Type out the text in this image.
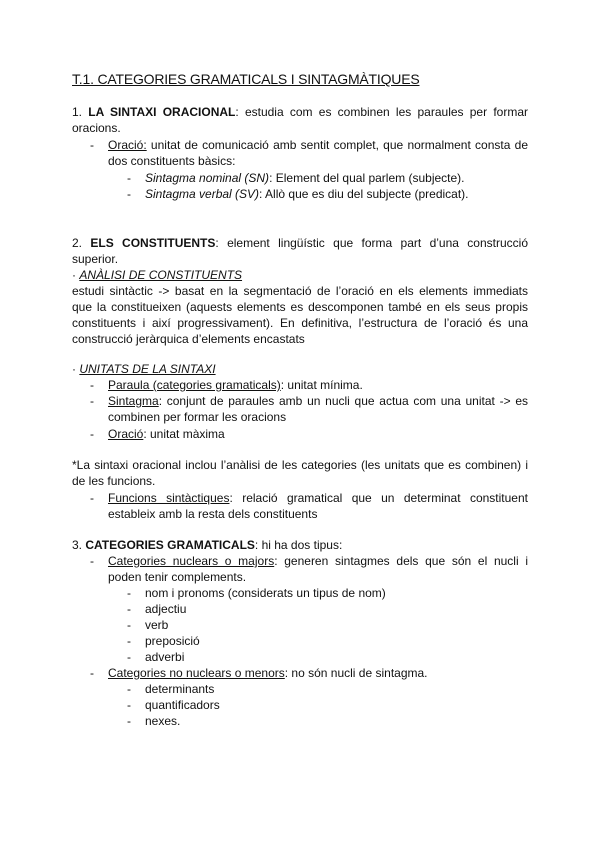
T.1. CATEGORIES GRAMATICALS I SINTAGMÀTIQUES
1. LA SINTAXI ORACIONAL: estudia com es combinen les paraules per formar
oracions.
- Oració: unitat de comunicació amb sentit complet, que normalment consta de
dos constituents bàsics:
- Sintagma nominal (SN): Element del qual parlem (subjecte).
- Sintagma verbal (SV): Allò que es diu del subjecte (predicat).
2. ELS CONSTITUENTS: element lingüístic que forma part d’una construcció
superior.
· ANÀLISI DE CONSTITUENTS
estudi sintàctic -> basat en la segmentació de l’oració en els elements immediats
que la constitueixen (aquests elements es descomponen també en els seus propis
constituents i així progressivament). En definitiva, l’estructura de l’oració és una
construcció jeràrquica d’elements encastats
· UNITATS DE LA SINTAXI
- Paraula (categories gramaticals): unitat mínima.
- Sintagma: conjunt de paraules amb un nucli que actua com una unitat -> es
combinen per formar les oracions
- Oració: unitat màxima
*La sintaxi oracional inclou l’anàlisi de les categories (les unitats que es combinen) i
de les funcions.
- Funcions sintàctiques: relació gramatical que un determinat constituent
estableix amb la resta dels constituents
3. CATEGORIES GRAMATICALS: hi ha dos tipus:
- Categories nuclears o majors: generen sintagmes dels que són el nucli i
poden tenir complements.
- nom i pronoms (considerats un tipus de nom)
- adjectiu
- verb
- preposició
- adverbi
- Categories no nuclears o menors: no són nucli de sintagma.
- determinants
- quantificadors
- nexes.
